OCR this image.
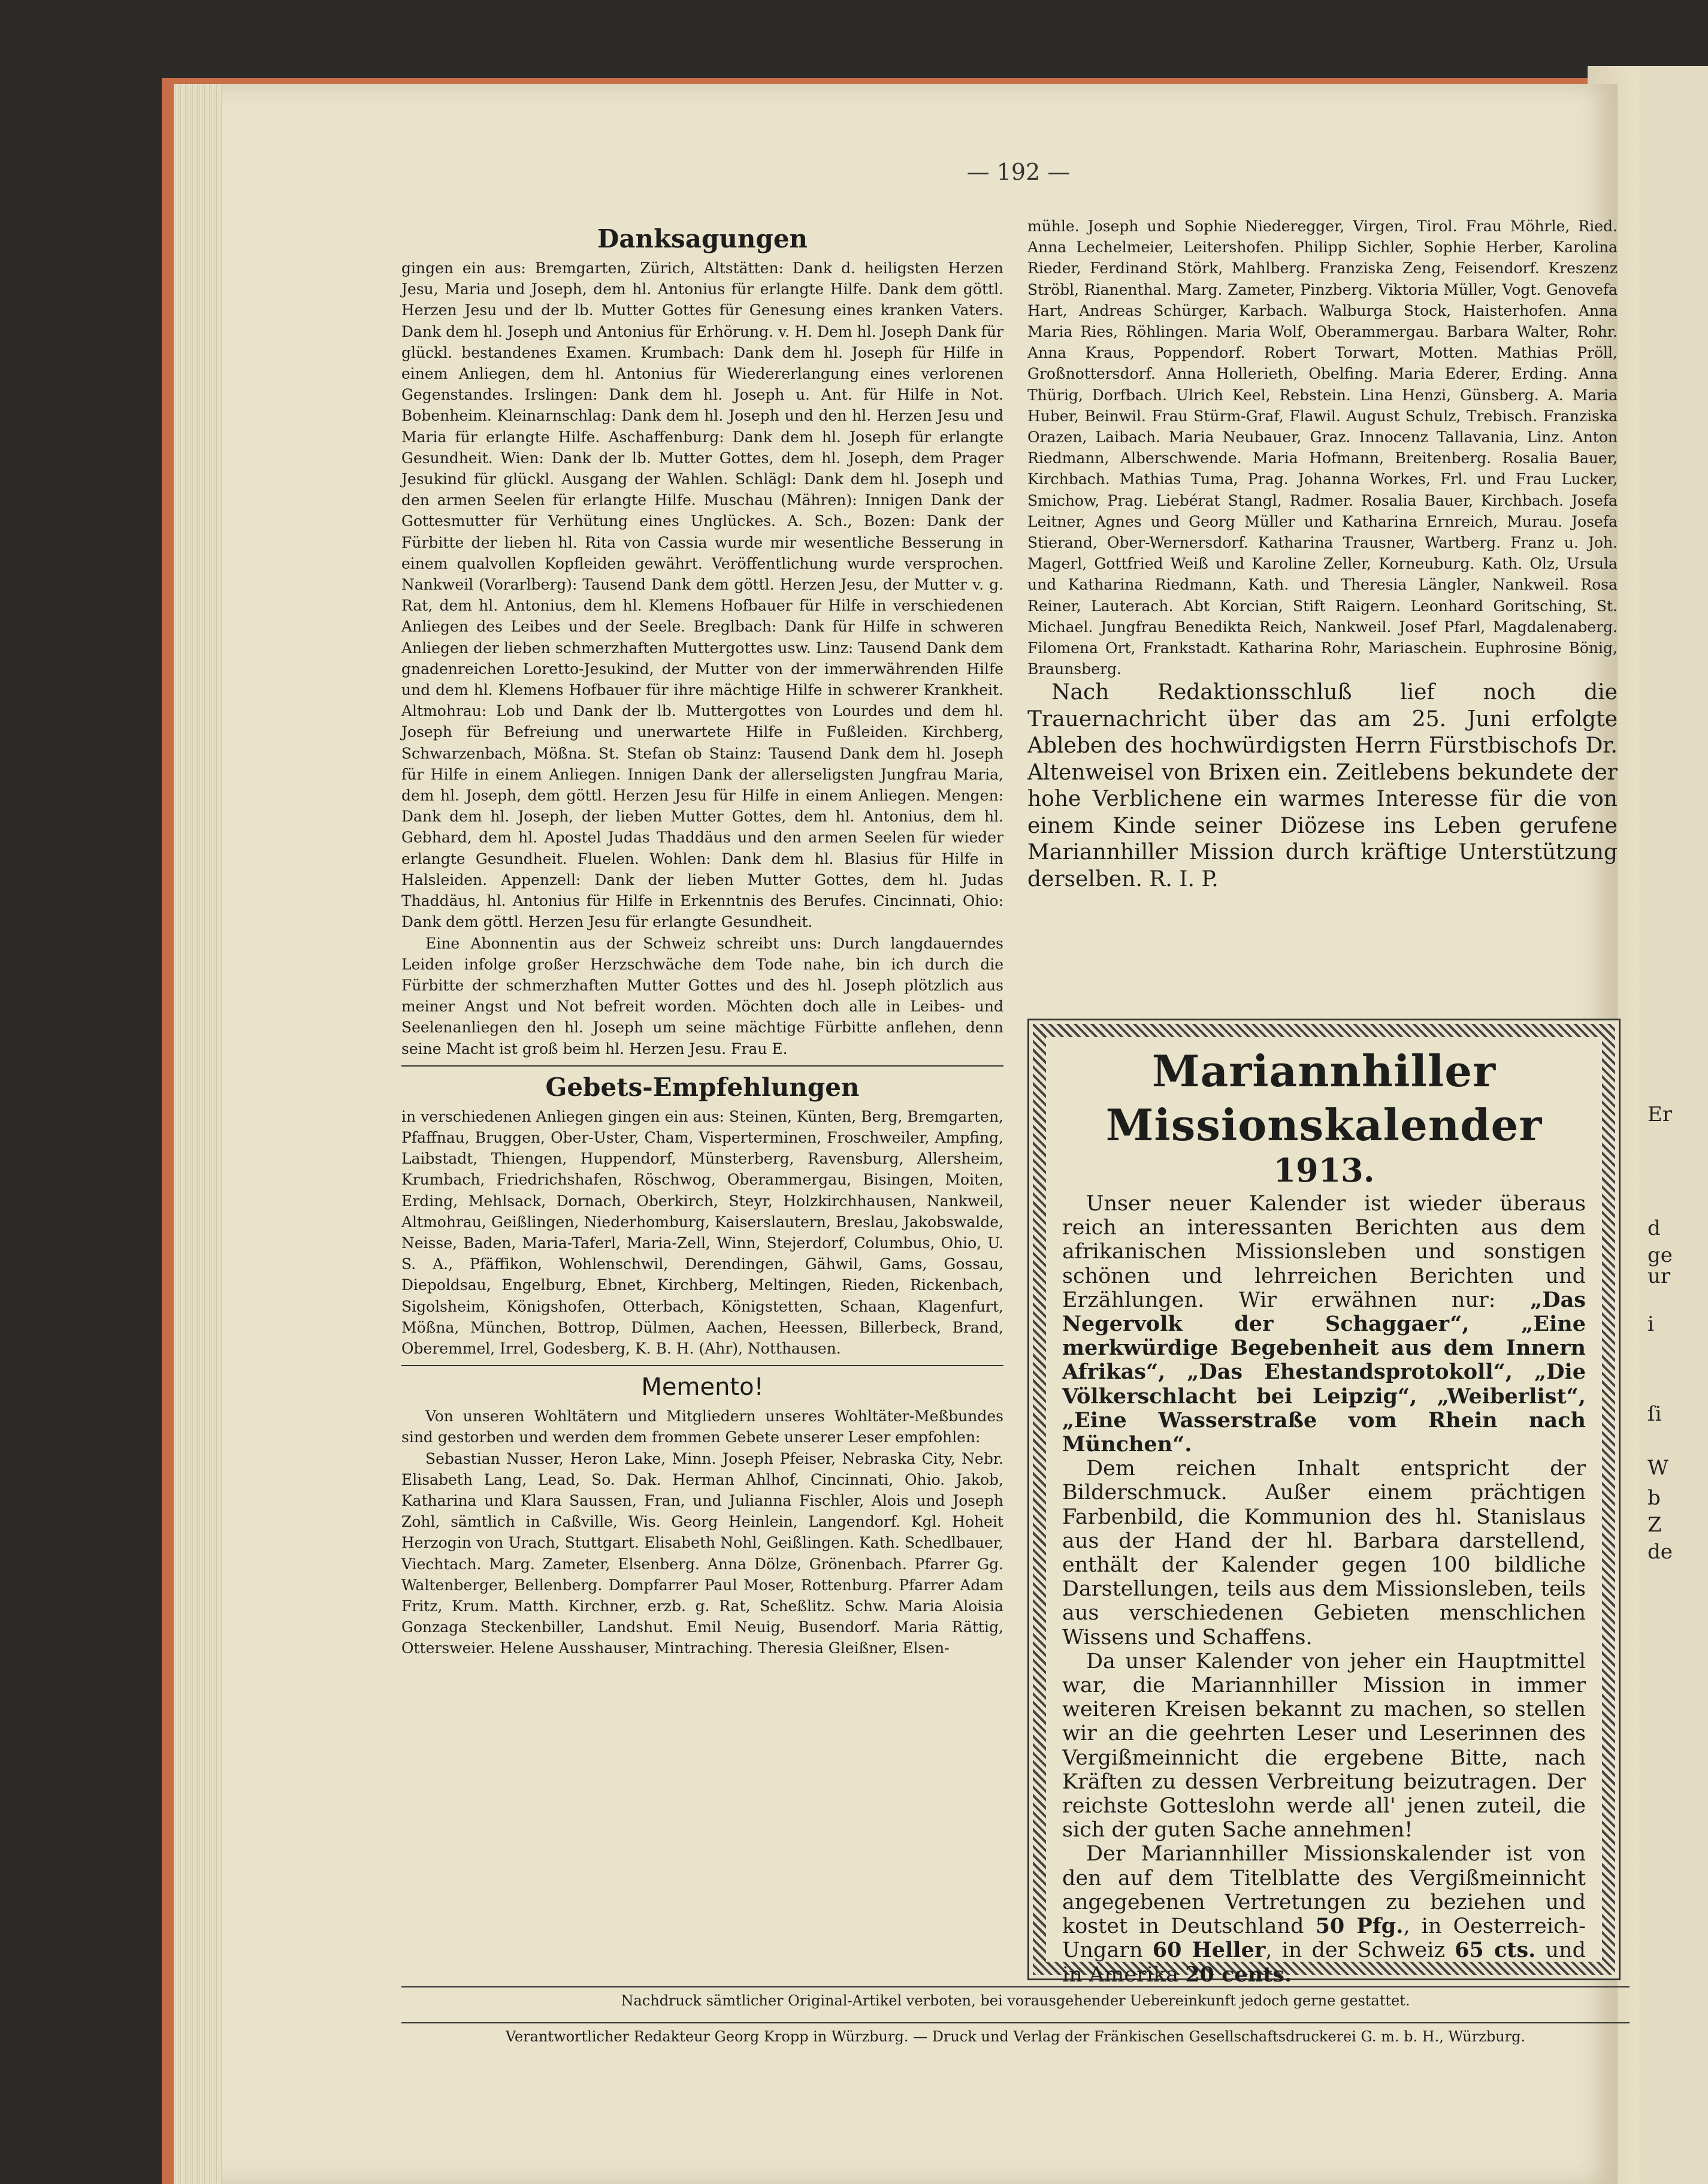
Er
d
ge
ur
i
ſi
W
b
Z
de
— 192 —
Danksagungen

gingen ein aus: Bremgarten, Zürich, Altstätten: Dank d. heiligsten Herzen Jesu, Maria und Joseph, dem hl. Antonius für erlangte Hilfe. Dank dem göttl. Herzen Jesu und der lb. Mutter Gottes für Genesung eines kranken Vaters. Dank dem hl. Joseph und Antonius für Erhörung. v. H. Dem hl. Joseph Dank für glückl. bestandenes Examen. Krumbach: Dank dem hl. Joseph für Hilfe in einem Anliegen, dem hl. Antonius für Wiedererlangung eines verlorenen Gegenstandes. Irslingen: Dank dem hl. Joseph u. Ant. für Hilfe in Not. Bobenheim. Kleinarnschlag: Dank dem hl. Joseph und den hl. Herzen Jesu und Maria für erlangte Hilfe. Aschaffenburg: Dank dem hl. Joseph für erlangte Gesundheit. Wien: Dank der lb. Mutter Gottes, dem hl. Joseph, dem Prager Jesukind für glückl. Ausgang der Wahlen. Schlägl: Dank dem hl. Joseph und den armen Seelen für erlangte Hilfe. Muschau (Mähren): Innigen Dank der Gottesmutter für Verhütung eines Unglückes. A. Sch., Bozen: Dank der Fürbitte der lieben hl. Rita von Cassia wurde mir wesentliche Besserung in einem qualvollen Kopfleiden gewährt. Veröffentlichung wurde versprochen. Nankweil (Vorarlberg): Tausend Dank dem göttl. Herzen Jesu, der Mutter v. g. Rat, dem hl. Antonius, dem hl. Klemens Hofbauer für Hilfe in verschiedenen Anliegen des Leibes und der Seele. Breglbach: Dank für Hilfe in schweren Anliegen der lieben schmerzhaften Muttergottes usw. Linz: Tausend Dank dem gnadenreichen Loretto-Jesukind, der Mutter von der immerwährenden Hilfe und dem hl. Klemens Hofbauer für ihre mächtige Hilfe in schwerer Krankheit. Altmohrau: Lob und Dank der lb. Muttergottes von Lourdes und dem hl. Joseph für Befreiung und unerwartete Hilfe in Fußleiden. Kirchberg, Schwarzenbach, Mößna. St. Stefan ob Stainz: Tausend Dank dem hl. Joseph für Hilfe in einem Anliegen. Innigen Dank der allerseligsten Jungfrau Maria, dem hl. Joseph, dem göttl. Herzen Jesu für Hilfe in einem Anliegen. Mengen: Dank dem hl. Joseph, der lieben Mutter Gottes, dem hl. Antonius, dem hl. Gebhard, dem hl. Apostel Judas Thaddäus und den armen Seelen für wieder erlangte Gesundheit. Fluelen. Wohlen: Dank dem hl. Blasius für Hilfe in Halsleiden. Appenzell: Dank der lieben Mutter Gottes, dem hl. Judas Thaddäus, hl. Antonius für Hilfe in Erkenntnis des Berufes. Cincinnati, Ohio: Dank dem göttl. Herzen Jesu für erlangte Gesundheit.

Eine Abonnentin aus der Schweiz schreibt uns: Durch langdauerndes Leiden infolge großer Herzschwäche dem Tode nahe, bin ich durch die Fürbitte der schmerzhaften Mutter Gottes und des hl. Joseph plötzlich aus meiner Angst und Not befreit worden. Möchten doch alle in Leibes- und Seelenanliegen den hl. Joseph um seine mächtige Fürbitte anflehen, denn seine Macht ist groß beim hl. Herzen Jesu. Frau E.

Gebets-Empfehlungen

in verschiedenen Anliegen gingen ein aus: Steinen, Künten, Berg, Bremgarten, Pfaffnau, Bruggen, Ober-Uster, Cham, Visperterminen, Froschweiler, Ampfing, Laibstadt, Thiengen, Huppendorf, Münsterberg, Ravensburg, Allersheim, Krumbach, Friedrichshafen, Röschwog, Oberammergau, Bisingen, Moiten, Erding, Mehlsack, Dornach, Oberkirch, Steyr, Holzkirchhausen, Nankweil, Altmohrau, Geißlingen, Niederhomburg, Kaiserslautern, Breslau, Jakobswalde, Neisse, Baden, Maria-Taferl, Maria-Zell, Winn, Stejerdorf, Columbus, Ohio, U. S. A., Pfäffikon, Wohlenschwil, Derendingen, Gähwil, Gams, Gossau, Diepoldsau, Engelburg, Ebnet, Kirchberg, Meltingen, Rieden, Rickenbach, Sigolsheim, Königshofen, Otterbach, Königstetten, Schaan, Klagenfurt, Mößna, München, Bottrop, Dülmen, Aachen, Heessen, Billerbeck, Brand, Oberemmel, Irrel, Godesberg, K. B. H. (Ahr), Notthausen.

Memento!

Von unseren Wohltätern und Mitgliedern unseres Wohltäter-Meßbundes sind gestorben und werden dem frommen Gebete unserer Leser empfohlen:

Sebastian Nusser, Heron Lake, Minn. Joseph Pfeiser, Nebraska City, Nebr. Elisabeth Lang, Lead, So. Dak. Herman Ahlhof, Cincinnati, Ohio. Jakob, Katharina und Klara Saussen, Fran, und Julianna Fischler, Alois und Joseph Zohl, sämtlich in Caßville, Wis. Georg Heinlein, Langendorf. Kgl. Hoheit Herzogin von Urach, Stuttgart. Elisabeth Nohl, Geißlingen. Kath. Schedlbauer, Viechtach. Marg. Zameter, Elsenberg. Anna Dölze, Grönenbach. Pfarrer Gg. Waltenberger, Bellenberg. Dompfarrer Paul Moser, Rottenburg. Pfarrer Adam Fritz, Krum. Matth. Kirchner, erzb. g. Rat, Scheßlitz. Schw. Maria Aloisia Gonzaga Steckenbiller, Landshut. Emil Neuig, Busendorf. Maria Rättig, Ottersweier. Helene Ausshauser, Mintraching. Theresia Gleißner, Elsen-

mühle. Joseph und Sophie Niederegger, Virgen, Tirol. Frau Möhrle, Ried. Anna Lechelmeier, Leitershofen. Philipp Sichler, Sophie Herber, Karolina Rieder, Ferdinand Störk, Mahlberg. Franziska Zeng, Feisendorf. Kreszenz Ströbl, Rianenthal. Marg. Zameter, Pinzberg. Viktoria Müller, Vogt. Genovefa Hart, Andreas Schürger, Karbach. Walburga Stock, Haisterhofen. Anna Maria Ries, Röhlingen. Maria Wolf, Oberammergau. Barbara Walter, Rohr. Anna Kraus, Poppendorf. Robert Torwart, Motten. Mathias Pröll, Großnottersdorf. Anna Hollerieth, Obelfing. Maria Ederer, Erding. Anna Thürig, Dorfbach. Ulrich Keel, Rebstein. Lina Henzi, Günsberg. A. Maria Huber, Beinwil. Frau Stürm-Graf, Flawil. August Schulz, Trebisch. Franziska Orazen, Laibach. Maria Neubauer, Graz. Innocenz Tallavania, Linz. Anton Riedmann, Alberschwende. Maria Hofmann, Breitenberg. Rosalia Bauer, Kirchbach. Mathias Tuma, Prag. Johanna Workes, Frl. und Frau Lucker, Smichow, Prag. Liebérat Stangl, Radmer. Rosalia Bauer, Kirchbach. Josefa Leitner, Agnes und Georg Müller und Katharina Ernreich, Murau. Josefa Stierand, Ober-Wernersdorf. Katharina Trausner, Wartberg. Franz u. Joh. Magerl, Gottfried Weiß und Karoline Zeller, Korneuburg. Kath. Olz, Ursula und Katharina Riedmann, Kath. und Theresia Längler, Nankweil. Rosa Reiner, Lauterach. Abt Korcian, Stift Raigern. Leonhard Goritsching, St. Michael. Jungfrau Benedikta Reich, Nankweil. Josef Pfarl, Magdalenaberg. Filomena Ort, Frankstadt. Katharina Rohr, Mariaschein. Euphrosine Bönig, Braunsberg.

Nach Redaktionsschluß lief noch die Trauernachricht über das am 25. Juni erfolgte Ableben des hochwürdigsten Herrn Fürstbischofs Dr. Altenweisel von Brixen ein. Zeitlebens bekundete der hohe Verblichene ein warmes Interesse für die von einem Kinde seiner Diözese ins Leben gerufene Mariannhiller Mission durch kräftige Unterstützung derselben. R. I. P.

Mariannhiller Missionskalender
1913.

Unser neuer Kalender ist wieder überaus reich an interessanten Berichten aus dem afrikanischen Missionsleben und sonstigen schönen und lehrreichen Berichten und Erzählungen. Wir erwähnen nur: „Das Negervolk der Schaggaer“, „Eine merkwürdige Begebenheit aus dem Innern Afrikas“, „Das Ehestandsprotokoll“, „Die Völkerschlacht bei Leipzig“, „Weiberlist“, „Eine Wasserstraße vom Rhein nach München“.

Dem reichen Inhalt entspricht der Bilderschmuck. Außer einem prächtigen Farbenbild, die Kommunion des hl. Stanislaus aus der Hand der hl. Barbara darstellend, enthält der Kalender gegen 100 bildliche Darstellungen, teils aus dem Missionsleben, teils aus verschiedenen Gebieten menschlichen Wissens und Schaffens.

Da unser Kalender von jeher ein Hauptmittel war, die Mariannhiller Mission in immer weiteren Kreisen bekannt zu machen, so stellen wir an die geehrten Leser und Leserinnen des Vergißmeinnicht die ergebene Bitte, nach Kräften zu dessen Verbreitung beizutragen. Der reichste Gotteslohn werde all' jenen zuteil, die sich der guten Sache annehmen!

Der Mariannhiller Missionskalender ist von den auf dem Titelblatte des Vergißmeinnicht angegebenen Vertretungen zu beziehen und kostet in Deutschland 50 Pfg., in Oesterreich-Ungarn 60 Heller, in der Schweiz 65 cts. und in Amerika 20 cents.

Nachdruck sämtlicher Original-Artikel verboten, bei vorausgehender Uebereinkunft jedoch gerne gestattet.
Verantwortlicher Redakteur Georg Kropp in Würzburg. — Druck und Verlag der Fränkischen Gesellschaftsdruckerei G. m. b. H., Würzburg.
